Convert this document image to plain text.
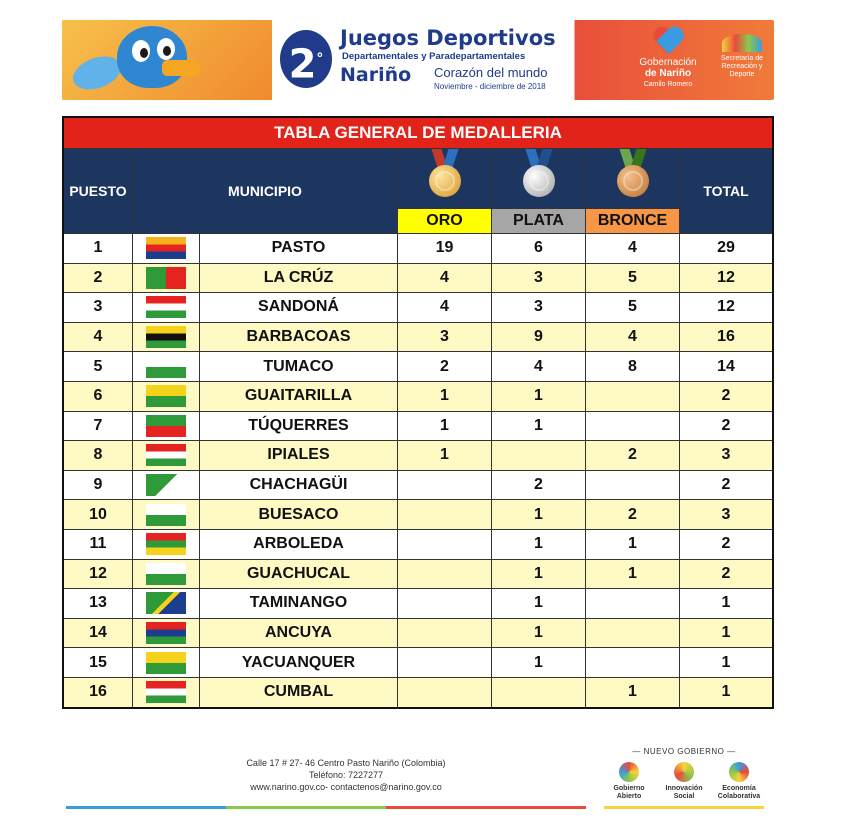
2°
Juegos Deportivos
Departamentales y Paradepartamentales
Nariño Corazón del mundo
Noviembre - diciembre de 2018
Gobernación
de Nariño
Camilo Romero
Secretaría de Recreación y Deporte
TABLA GENERAL DE MEDALLERIA						
PUESTO	MUNICIPIO					TOTAL
			ORO	PLATA	BRONCE	
1		PASTO	19	6	4	29
2		LA CRÚZ	4	3	5	12
3		SANDONÁ	4	3	5	12
4		BARBACOAS	3	9	4	16
5		TUMACO	2	4	8	14
6		GUAITARILLA	1	1		2
7		TÚQUERRES	1	1		2
8		IPIALES	1		2	3
9		CHACHAGÜI		2		2
10		BUESACO		1	2	3
11		ARBOLEDA		1	1	2
12		GUACHUCAL		1	1	2
13		TAMINANGO		1		1
14		ANCUYA		1		1
15		YACUANQUER		1		1
16		CUMBAL			1	1
Calle 17 # 27- 46 Centro Pasto Nariño (Colombia)
Teléfono: 7227277
www.narino.gov.co- contactenos@narino.gov.co
— NUEVO GOBIERNO —
Gobierno
Abierto
Innovación
Social
Economía
Colaborativa
